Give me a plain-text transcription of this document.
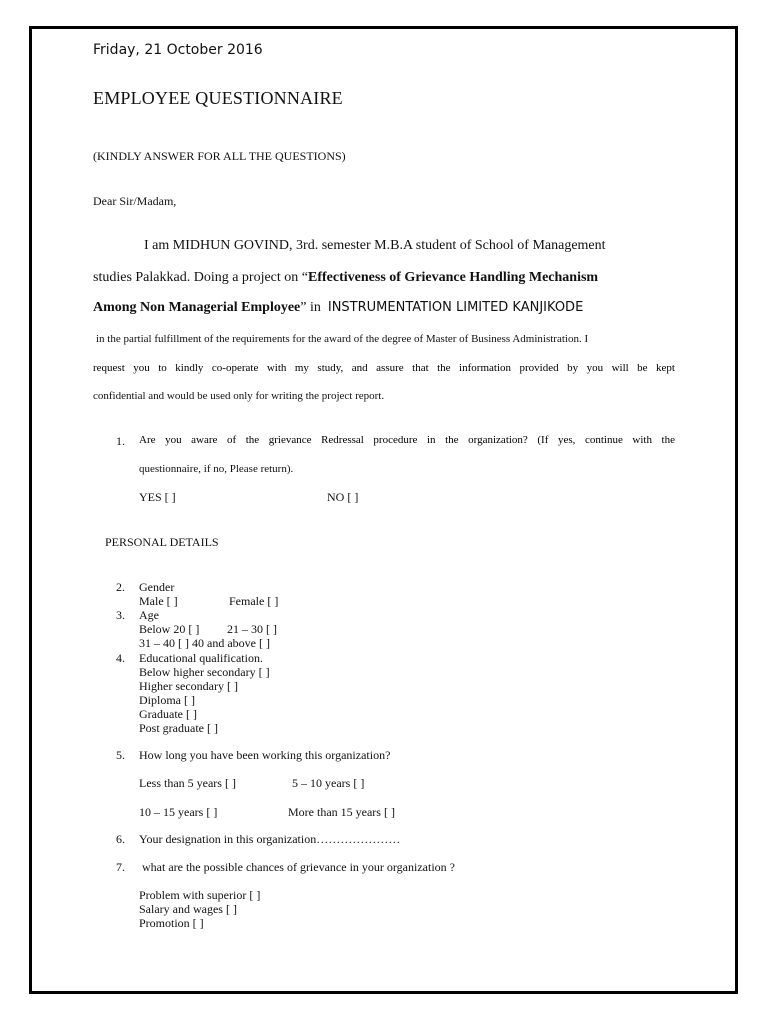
Friday, 21 October 2016
EMPLOYEE QUESTIONNAIRE
(KINDLY ANSWER FOR ALL THE QUESTIONS)
Dear Sir/Madam,
I am MIDHUN GOVIND, 3rd. semester M.B.A student of School of Management
studies Palakkad. Doing a project on “Effectiveness of Grievance Handling Mechanism
Among Non Managerial Employee” in  INSTRUMENTATION LIMITED KANJIKODE
in the partial fulfillment of the requirements for the award of the degree of Master of Business Administration. I
request you to kindly co-operate with my study, and assure that the information provided by you will be kept
confidential and would be used only for writing the project report.
1. Are you aware of the grievance Redressal procedure in the organization? (If yes, continue with the
questionnaire, if no, Please return).
YES [ ]	NO [ ]
PERSONAL DETAILS
2. Gender
Male [ ]	Female [ ]
3. Age
Below 20 [ ] 21 – 30 [ ]
31 – 40 [ ] 40 and above [ ]
4. Educational qualification.
Below higher secondary [ ]
Higher secondary [ ]
Diploma [ ]
Graduate [ ]
Post graduate [ ]
5. How long you have been working this organization?
Less than 5 years [ ]	5 – 10 years [ ]
10 – 15 years [ ]	More than 15 years [ ]
6. Your designation in this organization…………………
7. what are the possible chances of grievance in your organization ?
Problem with superior [ ]
Salary and wages [ ]
Promotion [ ]
